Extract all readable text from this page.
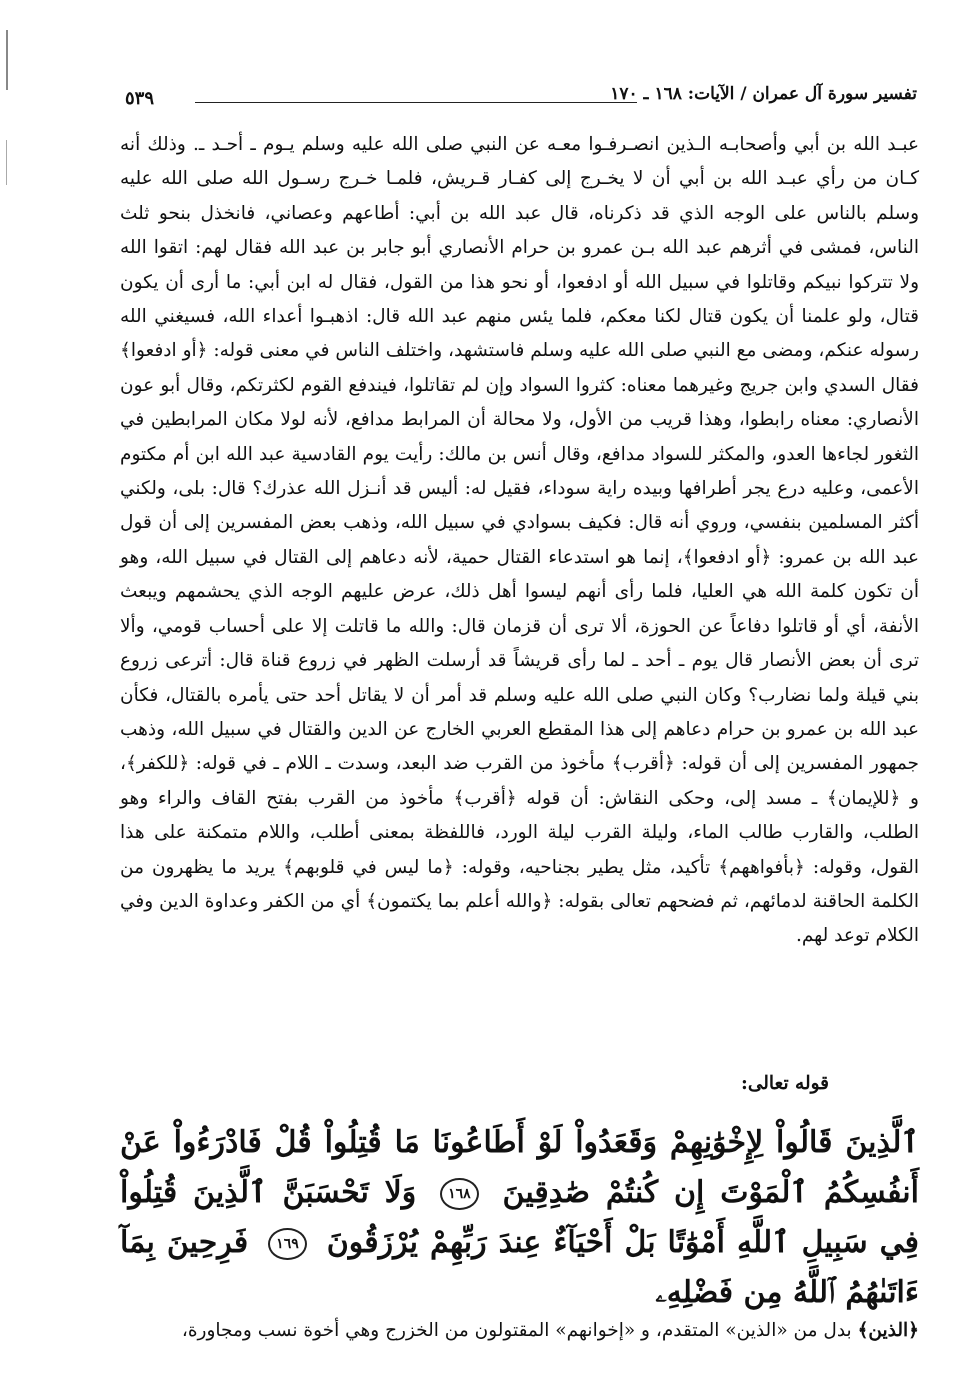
تفسير سورة آل عمران / الآيات: ١٦٨ ـ ١٧٠
٥٣٩

عبـد الله بن أبي وأصحابـه الـذين انصـرفـوا معـه عن النبي صلى الله عليه وسلم يـوم ـ أحـد ـ. وذلك أنه كـان من رأي عبـد الله بن أبي أن لا يخـرج إلى كفـار قـريش، فلمـا خـرج رسـول الله صلى الله عليه وسلم بالناس على الوجه الذي قد ذكرناه، قال عبد الله بن أبي: أطاعهم وعصاني، فانخذل بنحو ثلث الناس، فمشى في أثرهم عبد الله بـن عمرو بن حرام الأنصاري أبو جابر بن عبد الله فقال لهم: اتقوا الله ولا تتركوا نبيكم وقاتلوا في سبيل الله أو ادفعوا، أو نحو هذا من القول، فقال له ابن أبي: ما أرى أن يكون قتال، ولو علمنا أن يكون قتال لكنا معكم، فلما يئس منهم عبد الله قال: اذهبـوا أعداء الله، فسيغني الله رسوله عنكم، ومضى مع النبي صلى الله عليه وسلم فاستشهد، واختلف الناس في معنى قوله: ﴿أو ادفعوا﴾ فقال السدي وابن جريج وغيرهما معناه: كثروا السواد وإن لم تقاتلوا، فيندفع القوم لكثرتكم، وقال أبو عون الأنصاري: معناه رابطوا، وهذا قريب من الأول، ولا محالة أن المرابط مدافع، لأنه لولا مكان المرابطين في الثغور لجاءها العدو، والمكثر للسواد مدافع، وقال أنس بن مالك: رأيت يوم القادسية عبد الله ابن أم مكتوم الأعمى، وعليه درع يجر أطرافها وبيده راية سوداء، فقيل له: أليس قد أنـزل الله عذرك؟ قال: بلى، ولكني أكثر المسلمين بنفسي، وروي أنه قال: فكيف بسوادي في سبيل الله، وذهب بعض المفسرين إلى أن قول عبد الله بن عمرو: ﴿أو ادفعوا﴾، إنما هو استدعاء القتال حمية، لأنه دعاهم إلى القتال في سبيل الله، وهو أن تكون كلمة الله هي العليا، فلما رأى أنهم ليسوا أهل ذلك، عرض عليهم الوجه الذي يحشمهم ويبعث الأنفة، أي أو قاتلوا دفاعاً عن الحوزة، ألا ترى أن قزمان قال: والله ما قاتلت إلا على أحساب قومي، وألا ترى أن بعض الأنصار قال يوم ـ أحد ـ لما رأى قريشاً قد أرسلت الظهر في زروع قناة قال: أترعى زروع بني قيلة ولما نضارب؟ وكان النبي صلى الله عليه وسلم قد أمر أن لا يقاتل أحد حتى يأمره بالقتال، فكأن عبد الله بن عمرو بن حرام دعاهم إلى هذا المقطع العربي الخارج عن الدين والقتال في سبيل الله، وذهب جمهور المفسرين إلى أن قوله: ﴿أقرب﴾ مأخوذ من القرب ضد البعد، وسدت ـ اللام ـ في قوله: ﴿للكفر﴾، و ﴿للإيمان﴾ ـ مسد إلى، وحكى النقاش: أن قوله ﴿أقرب﴾ مأخوذ من القرب بفتح القاف والراء وهو الطلب، والقارب طالب الماء، وليلة القرب ليلة الورد، فاللفظة بمعنى أطلب، واللام متمكنة على هذا القول، وقوله: ﴿بأفواههم﴾ تأكيد، مثل يطير بجناحيه، وقوله: ﴿ما ليس في قلوبهم﴾ يريد ما يظهرون من الكلمة الحاقنة لدمائهم، ثم فضحهم تعالى بقوله: ﴿والله أعلم بما يكتمون﴾ أي من الكفر وعداوة الدين وفي الكلام توعد لهم.

قوله تعالى:
ٱلَّذِينَ قَالُواْ لِإِخْوَٰنِهِمْ وَقَعَدُواْ لَوْ أَطَاعُونَا مَا قُتِلُواْ قُلْ فَادْرَءُواْ عَنْ أَنفُسِكُمُ ٱلْمَوْتَ إِن كُنتُمْ صَٰدِقِينَ ١٦٨ وَلَا تَحْسَبَنَّ ٱلَّذِينَ قُتِلُواْ فِي سَبِيلِ ٱللَّهِ أَمْوَٰتًا بَلْ أَحْيَآءٌ عِندَ رَبِّهِمْ يُرْزَقُونَ ١٦٩ فَرِحِينَ بِمَآ ءَاتَىٰهُمُ ٱللَّهُ مِن فَضْلِهِۦ
﴿الذين﴾ بدل من «الذين» المتقدم، و «إخوانهم» المقتولون من الخزرج وهي أخوة نسب ومجاورة،
